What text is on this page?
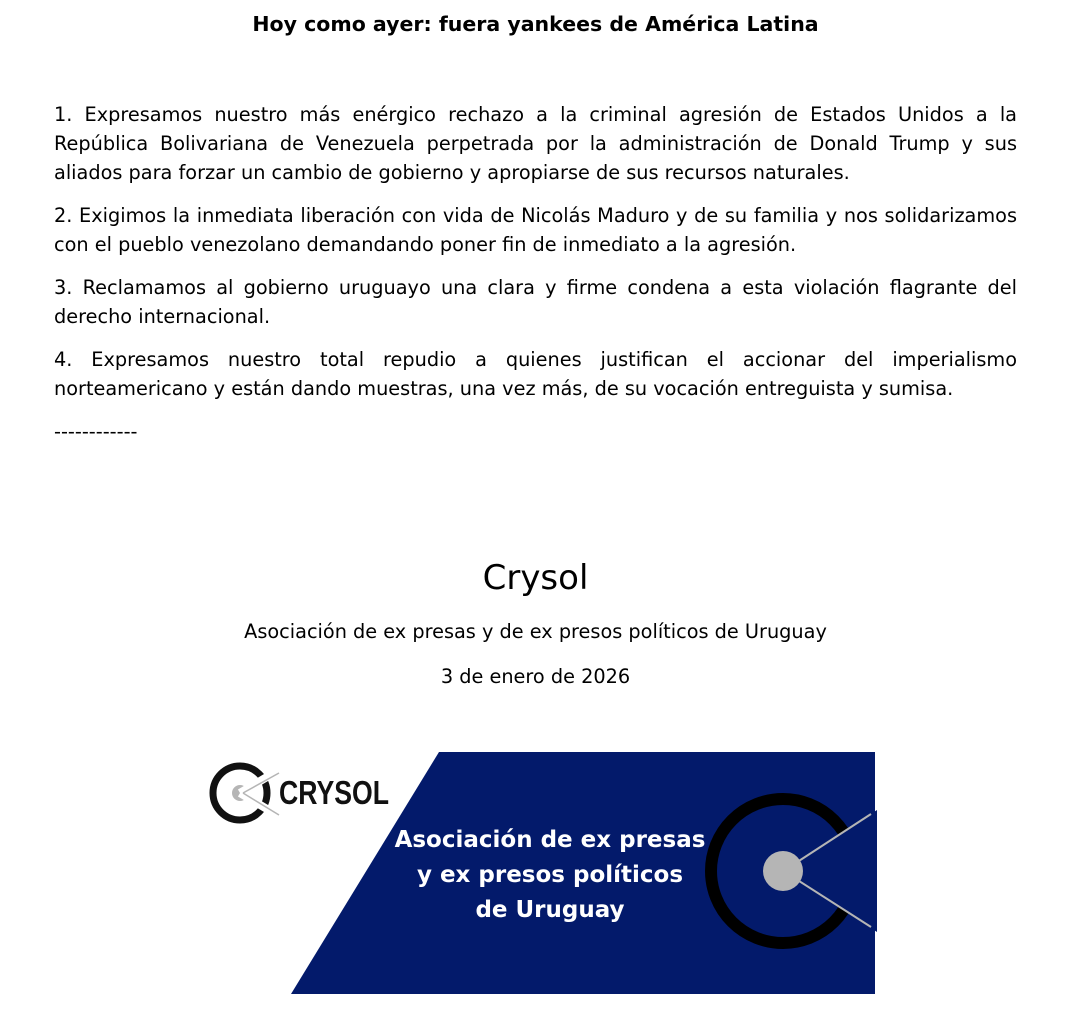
Hoy como ayer: fuera yankees de América Latina

1. Expresamos nuestro más enérgico rechazo a la criminal agresión de Estados Unidos a la República Bolivariana de Venezuela perpetrada por la administración de Donald Trump y sus aliados para forzar un cambio de gobierno y apropiarse de sus recursos naturales.

2. Exigimos la inmediata liberación con vida de Nicolás Maduro y de su familia y nos solidarizamos con el pueblo venezolano demandando poner fin de inmediato a la agresión.

3. Reclamamos al gobierno uruguayo una clara y firme condena a esta violación flagrante del derecho internacional.

4. Expresamos nuestro total repudio a quienes justifican el accionar del imperialismo norteamericano y están dando muestras, una vez más, de su vocación entreguista y sumisa.

------------

Crysol

Asociación de ex presas y de ex presos políticos de Uruguay

3 de enero de 2026

CRYSOL
Asociación de ex presas
y ex presos políticos
de Uruguay
